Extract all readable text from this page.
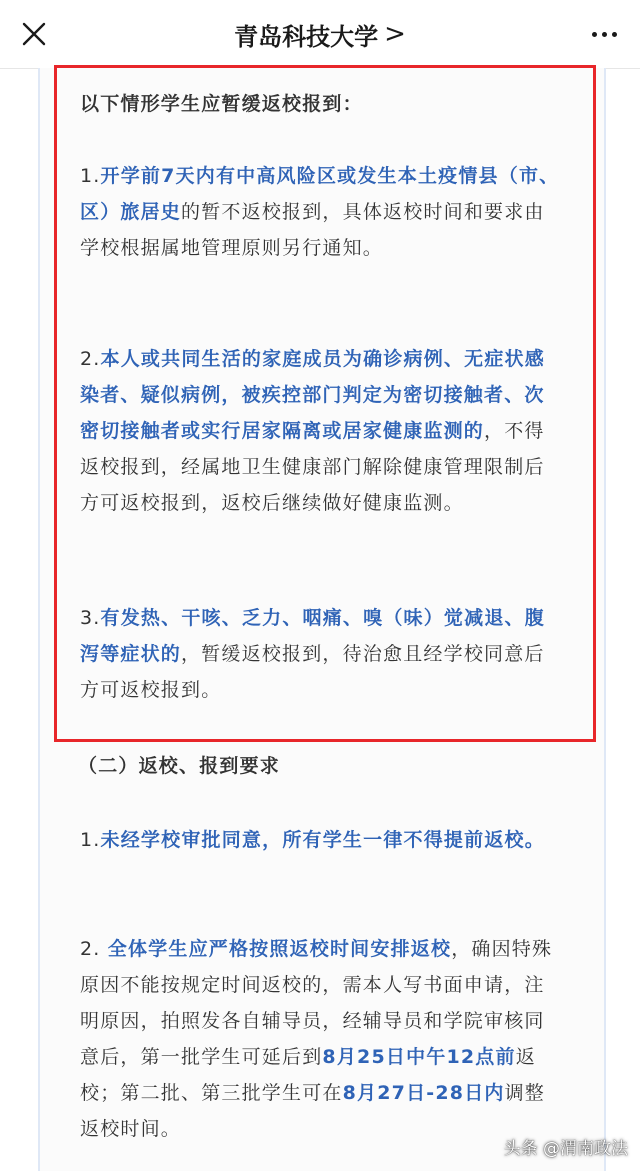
青岛科技大学 >

以下情形学生应暂缓返校报到：

1.开学前7天内有中高风险区或发生本土疫情县（市、区）旅居史的暂不返校报到，具体返校时间和要求由学校根据属地管理原则另行通知。

2.本人或共同生活的家庭成员为确诊病例、无症状感染者、疑似病例，被疾控部门判定为密切接触者、次密切接触者或实行居家隔离或居家健康监测的，不得返校报到，经属地卫生健康部门解除健康管理限制后方可返校报到，返校后继续做好健康监测。

3.有发热、干咳、乏力、咽痛、嗅（味）觉减退、腹泻等症状的，暂缓返校报到，待治愈且经学校同意后方可返校报到。

（二）返校、报到要求

1.未经学校审批同意，所有学生一律不得提前返校。

2. 全体学生应严格按照返校时间安排返校，确因特殊原因不能按规定时间返校的，需本人写书面申请，注明原因，拍照发各自辅导员，经辅导员和学院审核同意后，第一批学生可延后到8月25日中午12点前返校；第二批、第三批学生可在8月27日-28日内调整返校时间。

头条 @渭南政法
